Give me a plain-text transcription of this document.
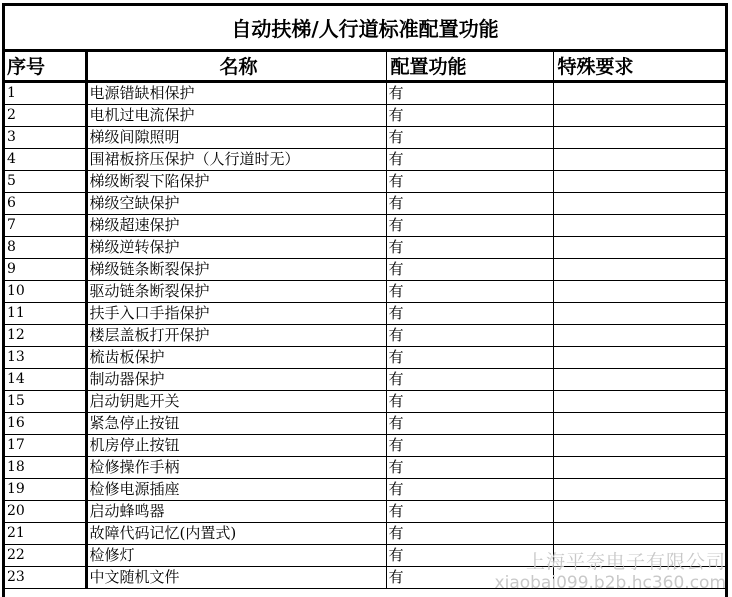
自动扶梯/人行道标准配置功能
序号	名称	配置功能	特殊要求
1	电源错缺相保护	有	
2	电机过电流保护	有	
3	梯级间隙照明	有	
4	围裙板挤压保护（人行道时无）	有	
5	梯级断裂下陷保护	有	
6	梯级空缺保护	有	
7	梯级超速保护	有	
8	梯级逆转保护	有	
9	梯级链条断裂保护	有	
10	驱动链条断裂保护	有	
11	扶手入口手指保护	有	
12	楼层盖板打开保护	有	
13	梳齿板保护	有	
14	制动器保护	有	
15	启动钥匙开关	有	
16	紧急停止按钮	有	
17	机房停止按钮	有	
18	检修操作手柄	有	
19	检修电源插座	有	
20	启动蜂鸣器	有	
21	故障代码记忆(内置式)	有	
22	检修灯	有	
23	中文随机文件	有	
上海平奈电子有限公司
xiaobai099.b2b.hc360.com
